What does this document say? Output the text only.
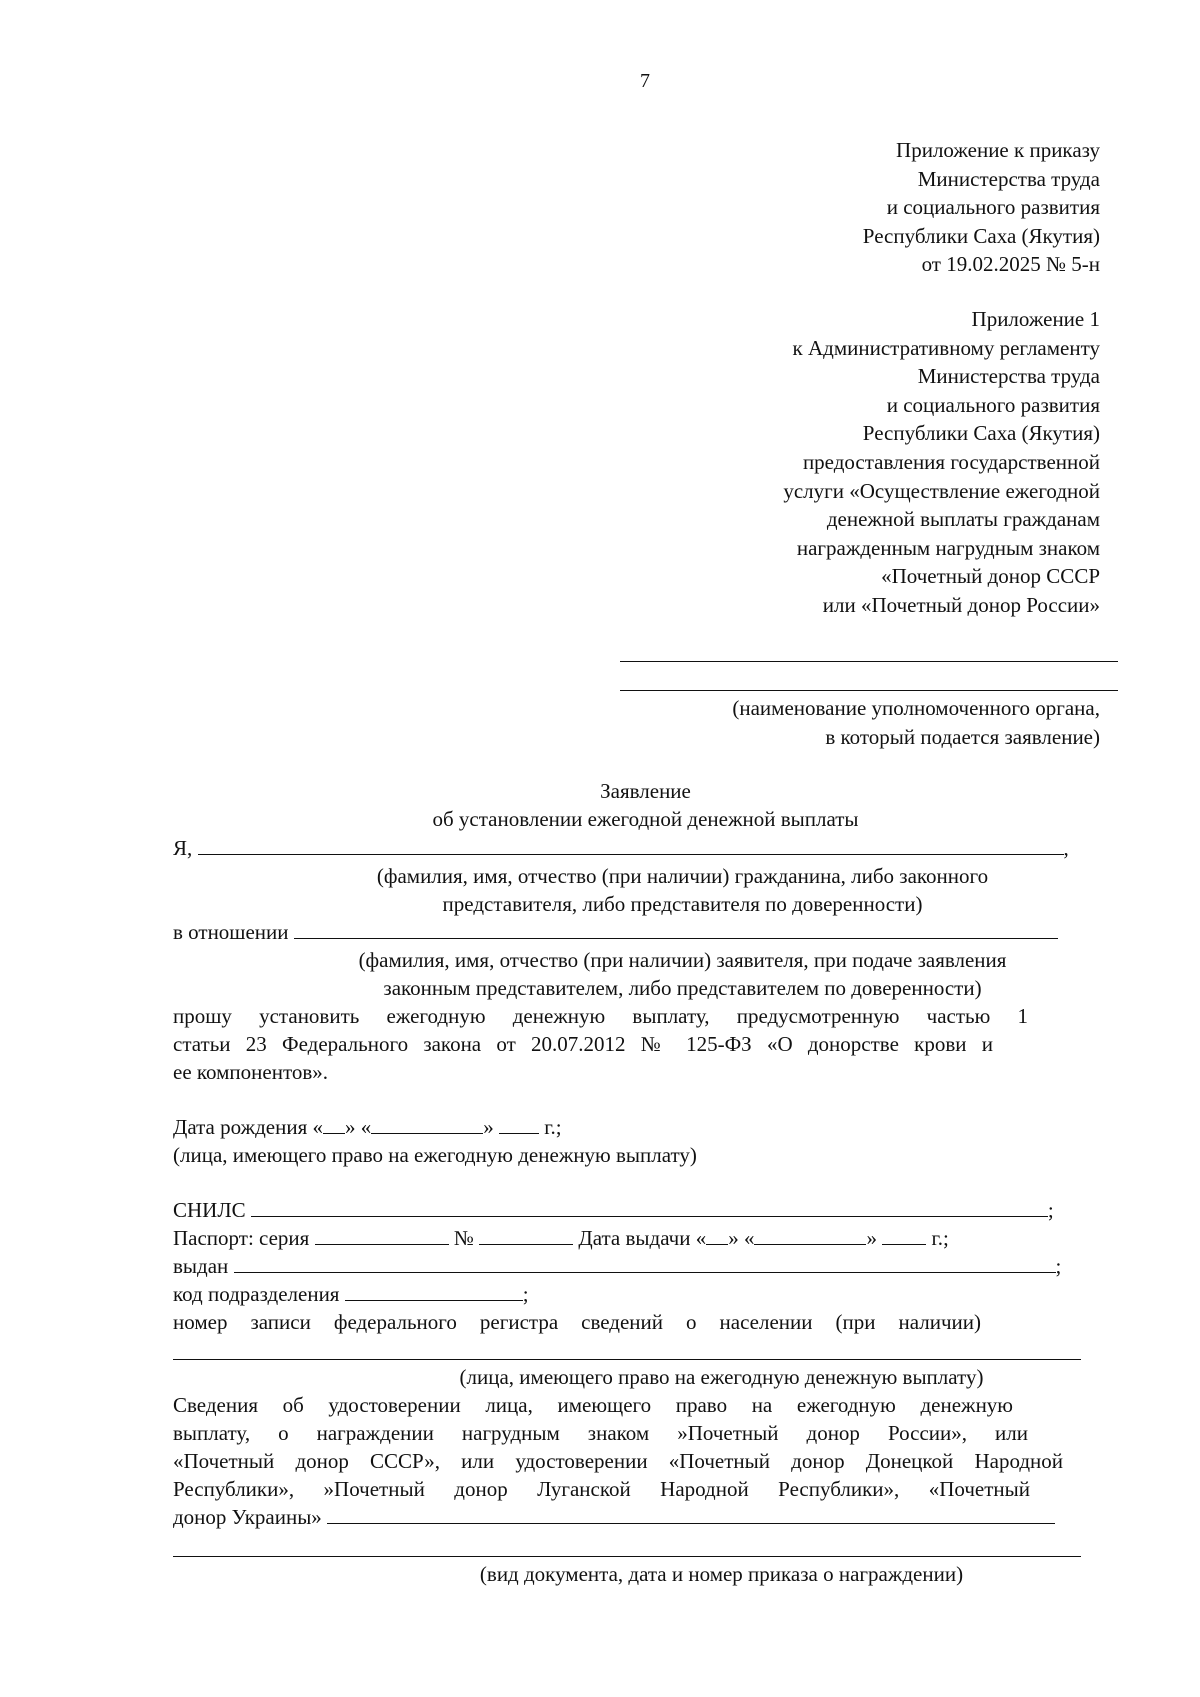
7
Приложение к приказу
Министерства труда
и социального развития
Республики Саха (Якутия)
от 19.02.2025 № 5-н
Приложение 1
к Административному регламенту
Министерства труда
и социального развития
Республики Саха (Якутия)
предоставления государственной
услуги «Осуществление ежегодной
денежной выплаты гражданам
награжденным нагрудным знаком
«Почетный донор СССР
или «Почетный донор России»
(наименование уполномоченного органа,
в который подается заявление)
Заявление
об установлении ежегодной денежной выплаты
Я,	,
(фамилия, имя, отчество (при наличии) гражданина, либо законного
представителя, либо представителя по доверенности)
в отношении
(фамилия, имя, отчество (при наличии) заявителя, при подаче заявления
законным представителем, либо представителем по доверенности)
прошу установить ежегодную денежную выплату, предусмотренную частью 1
статьи 23 Федерального закона от 20.07.2012 № 125-ФЗ «О донорстве крови и
ее компонентов».
Дата рождения « » «	» г.;
(лица, имеющего право на ежегодную денежную выплату)
СНИЛС	;
Паспорт: серия	№	Дата выдачи « » «	»	г.;
выдан	;
код подразделения	;
номер записи федерального регистра сведений о населении (при наличии)
(лица, имеющего право на ежегодную денежную выплату)
Сведения об удостоверении лица, имеющего право на ежегодную денежную
выплату, о награждении нагрудным знаком »Почетный донор России», или
«Почетный донор СССР», или удостоверении «Почетный донор Донецкой Народной
Республики», »Почетный донор Луганской Народной Республики», «Почетный
донор Украины»
(вид документа, дата и номер приказа о награждении)
